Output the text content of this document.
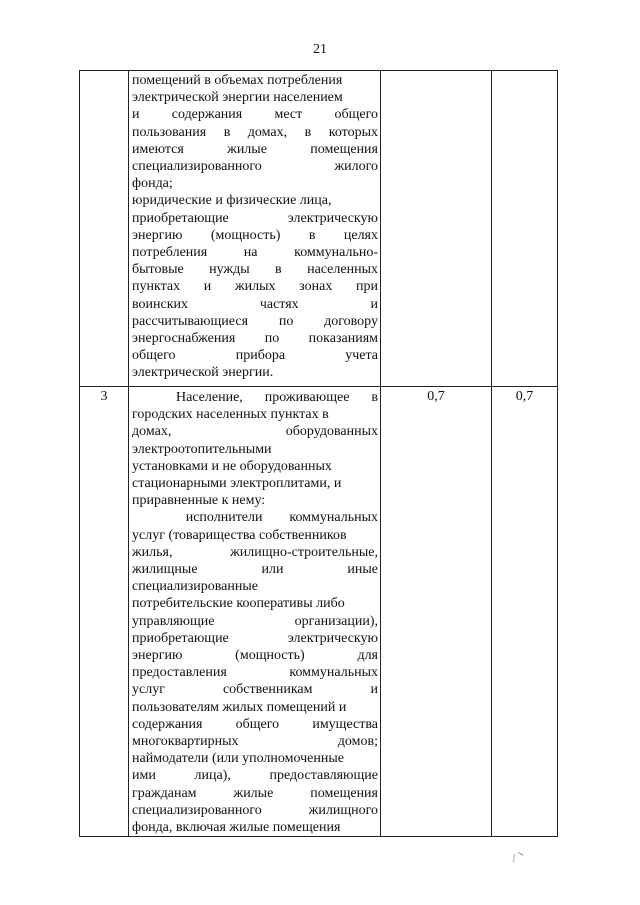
21
помещений в объемах потребления
электрической энергии населением
и содержания мест общего
пользования в домах, в которых
имеются жилые помещения
специализированного жилого
фонда;
юридические и физические лица,
приобретающие электрическую
энергию (мощность) в целях
потребления на коммунально-
бытовые нужды в населенных
пунктах и жилых зонах при
воинских частях и
рассчитывающиеся по договору
энергоснабжения по показаниям
общего прибора учета
электрической энергии.
3	Население, проживающее в
городских населенных пунктах в
домах, оборудованных
электроотопительными
установками и не оборудованных
стационарными электроплитами, и
приравненные к нему:
исполнители коммунальных
услуг (товарищества собственников
жилья, жилищно-строительные,
жилищные или иные
специализированные
потребительские кооперативы либо
управляющие организации),
приобретающие электрическую
энергию (мощность) для
предоставления коммунальных
услуг собственникам и
пользователям жилых помещений и
содержания общего имущества
многоквартирных домов;
наймодатели (или уполномоченные
ими лица), предоставляющие
гражданам жилые помещения
специализированного жилищного
фонда, включая жилые помещения
0,7	0,7
/ ⸌
